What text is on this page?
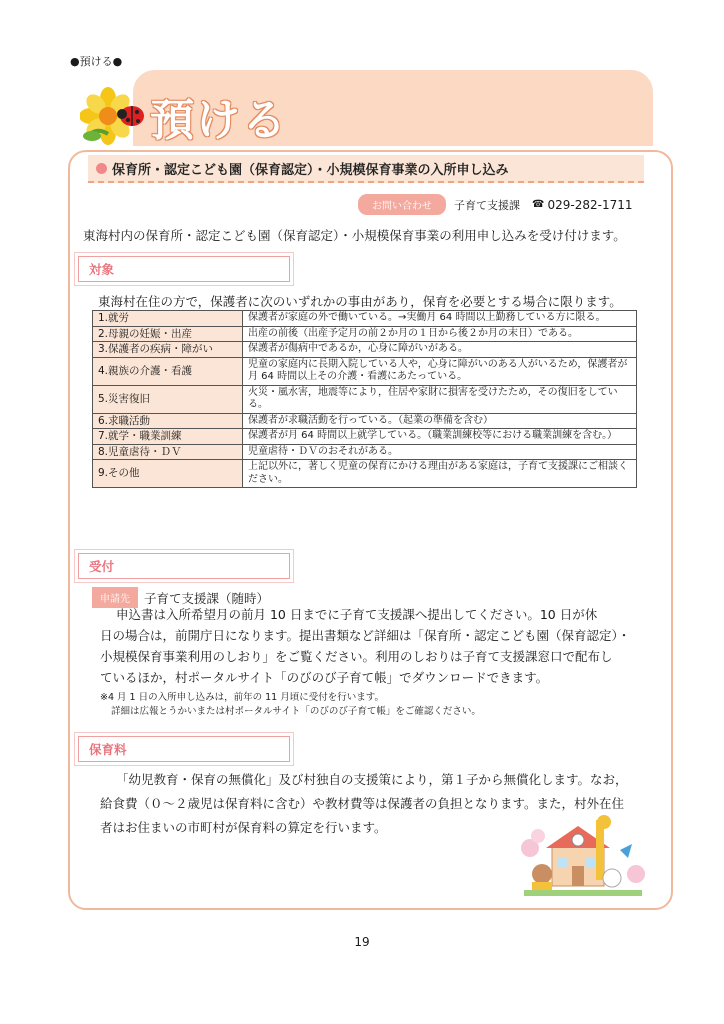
●預ける●
預ける
保育所・認定こども園（保育認定）・小規模保育事業の入所申し込み
お問い合わせ	子育て支援課 ☎ 029-282-1711
東海村内の保育所・認定こども園（保育認定）・小規模保育事業の利用申し込みを受け付けます。
対象
東海村在住の方で，保護者に次のいずれかの事由があり，保育を必要とする場合に限ります。
1.就労	保護者が家庭の外で働いている。→実働月 64 時間以上勤務している方に限る。
2.母親の妊娠・出産	出産の前後（出産予定月の前２か月の１日から後２か月の末日）である。
3.保護者の疾病・障がい	保護者が傷病中であるか，心身に障がいがある。
4.親族の介護・看護	児童の家庭内に長期入院している人や，心身に障がいのある人がいるため，保護者が月 64 時間以上その介護・看護にあたっている。
5.災害復旧	火災・風水害，地震等により，住居や家財に損害を受けたため，その復旧をしている。
6.求職活動	保護者が求職活動を行っている。（起業の準備を含む）
7.就学・職業訓練	保護者が月 64 時間以上就学している。（職業訓練校等における職業訓練を含む。）
8.児童虐待・ＤＶ	児童虐待・ＤＶのおそれがある。
9.その他	上記以外に，著しく児童の保育にかける理由がある家庭は，子育て支援課にご相談ください。
受付
申請先	子育て支援課（随時）
申込書は入所希望月の前月 10 日までに子育て支援課へ提出してください。10 日が休
日の場合は，前開庁日になります。提出書類など詳細は「保育所・認定こども園（保育認定）・
小規模保育事業利用のしおり」をご覧ください。利用のしおりは子育て支援課窓口で配布し
ているほか，村ポータルサイト「のびのび子育て帳」でダウンロードできます。
※4 月 1 日の入所申し込みは，前年の 11 月頃に受付を行います。
詳細は広報とうかいまたは村ポータルサイト「のびのび子育て帳」をご確認ください。
保育料
「幼児教育・保育の無償化」及び村独自の支援策により，第１子から無償化します。なお，
給食費（０～２歳児は保育料に含む）や教材費等は保護者の負担となります。また，村外在住
者はお住まいの市町村が保育料の算定を行います。
19
